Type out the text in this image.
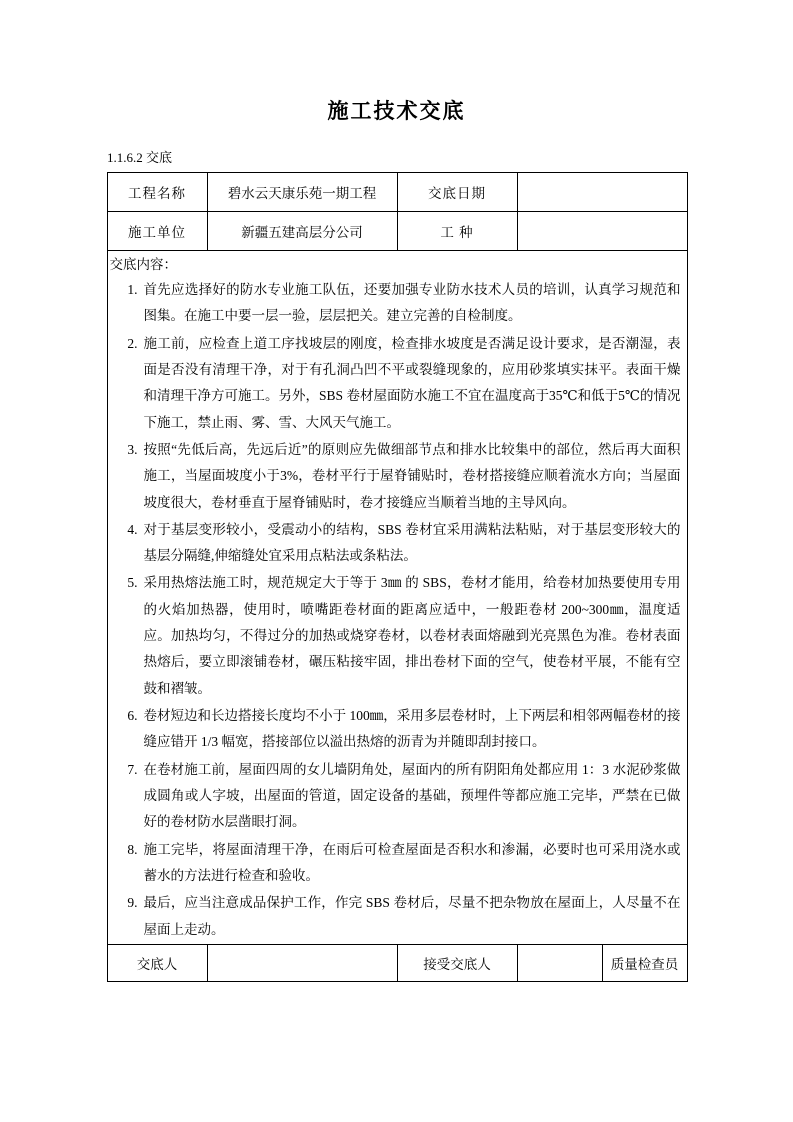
施工技术交底
1.1.6.2 交底
工程名称	碧水云天康乐苑一期工程	交底日期		
施工单位	新疆五建高层分公司	工 种		

交底内容：
1. 首先应选择好的防水专业施工队伍，还要加强专业防水技术人员的培训，认真学习规范和图集。在施工中要一层一验，层层把关。建立完善的自检制度。
2. 施工前，应检查上道工序找坡层的刚度，检查排水坡度是否满足设计要求，是否潮湿，表面是否没有清理干净，对于有孔洞凸凹不平或裂缝现象的，应用砂浆填实抹平。表面干燥和清理干净方可施工。另外，SBS 卷材屋面防水施工不宜在温度高于35℃和低于5℃的情况下施工，禁止雨、雾、雪、大风天气施工。
3. 按照“先低后高，先远后近”的原则应先做细部节点和排水比较集中的部位，然后再大面积施工，当屋面坡度小于3%，卷材平行于屋脊铺贴时，卷材搭接缝应顺着流水方向；当屋面坡度很大，卷材垂直于屋脊铺贴时，卷才接缝应当顺着当地的主导风向。
4. 对于基层变形较小，受震动小的结构，SBS 卷材宜采用满粘法粘贴，对于基层变形较大的基层分隔缝,伸缩缝处宜采用点粘法或条粘法。
5. 采用热熔法施工时，规范规定大于等于 3㎜ 的 SBS，卷材才能用，给卷材加热要使用专用的火焰加热器，使用时，喷嘴距卷材面的距离应适中，一般距卷材 200~300㎜，温度适应。加热均匀，不得过分的加热或烧穿卷材，以卷材表面熔融到光亮黑色为准。卷材表面热熔后，要立即滚铺卷材，碾压粘接牢固，排出卷材下面的空气，使卷材平展，不能有空鼓和褶皱。
6. 卷材短边和长边搭接长度均不小于 100㎜，采用多层卷材时，上下两层和相邻两幅卷材的接缝应错开 1/3 幅宽，搭接部位以溢出热熔的沥青为并随即刮封接口。
7. 在卷材施工前，屋面四周的女儿墙阴角处，屋面内的所有阴阳角处都应用 1：3 水泥砂浆做成圆角或人字坡，出屋面的管道，固定设备的基础，预埋件等都应施工完毕，严禁在已做好的卷材防水层凿眼打洞。
8. 施工完毕，将屋面清理干净，在雨后可检查屋面是否积水和渗漏，必要时也可采用浇水或蓄水的方法进行检查和验收。
9. 最后，应当注意成品保护工作，作完 SBS 卷材后，尽量不把杂物放在屋面上，人尽量不在屋面上走动。

交底人		接受交底人		质量检查员
